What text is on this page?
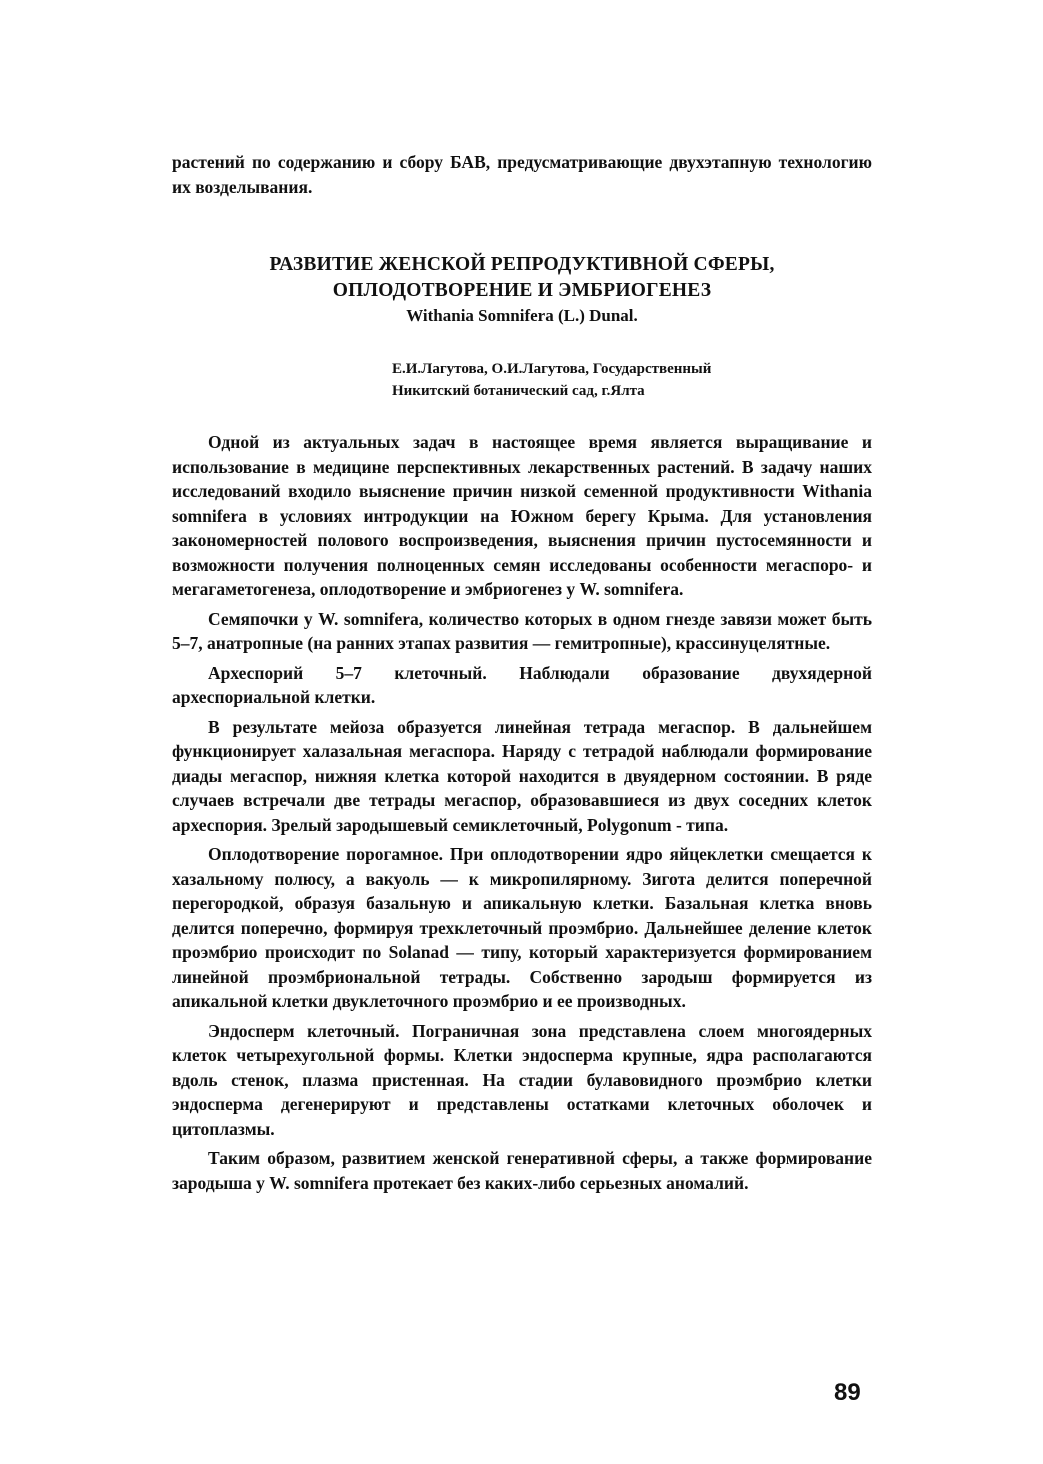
растений по содержанию и сбору БАВ, предусматривающие двухэтапную технологию их возделывания.

РАЗВИТИЕ ЖЕНСКОЙ РЕПРОДУКТИВНОЙ СФЕРЫ,
ОПЛОДОТВОРЕНИЕ И ЭМБРИОГЕНЕЗ
Withania Somnifera (L.) Dunal.
Е.И.Лагутова, О.И.Лагутова, Государственный
Никитский ботанический сад, г.Ялта

Одной из актуальных задач в настоящее время является выращивание и использование в медицине перспективных лекарственных растений. В задачу наших исследований входило выяснение причин низкой семенной продуктивности Withania somnifera в условиях интродукции на Южном берегу Крыма. Для установления закономерностей полового воспроизведения, выяснения причин пустосемянности и возможности получения полноценных семян исследованы особенности мегаспоро- и мегагаметогенеза, оплодотворение и эмбриогенез у W. somnifera.

Семяпочки у W. somnifera, количество которых в одном гнезде завязи может быть 5–7, анатропные (на ранних этапах развития — гемитропные), крассинуцелятные.

Археспорий 5–7 клеточный. Наблюдали образование двухядерной археспориальной клетки.

В результате мейоза образуется линейная тетрада мегаспор. В дальнейшем функционирует халазальная мегаспора. Наряду с тетрадой наблюдали формирование диады мегаспор, нижняя клетка которой находится в двуядерном состоянии. В ряде случаев встречали две тетрады мегаспор, образовавшиеся из двух соседних клеток археспория. Зрелый зародышевый семиклеточный, Polygonum - типа.

Оплодотворение порогамное. При оплодотворении ядро яйцеклетки смещается к хазальному полюсу, а вакуоль — к микропилярному. Зигота делится поперечной перегородкой, образуя базальную и апикальную клетки. Базальная клетка вновь делится поперечно, формируя трехклеточный проэмбрио. Дальнейшее деление клеток проэмбрио происходит по Solanad — типу, который характеризуется формированием линейной проэмбриональной тетрады. Собственно зародыш формируется из апикальной клетки двуклеточного проэмбрио и ее производных.

Эндосперм клеточный. Пограничная зона представлена слоем многоядерных клеток четырехугольной формы. Клетки эндосперма крупные, ядра располагаются вдоль стенок, плазма пристенная. На стадии булавовидного проэмбрио клетки эндосперма дегенерируют и представлены остатками клеточных оболочек и цитоплазмы.

Таким образом, развитием женской генеративной сферы, а также формирование зародыша у W. somnifera протекает без каких-либо серьезных аномалий.

89
